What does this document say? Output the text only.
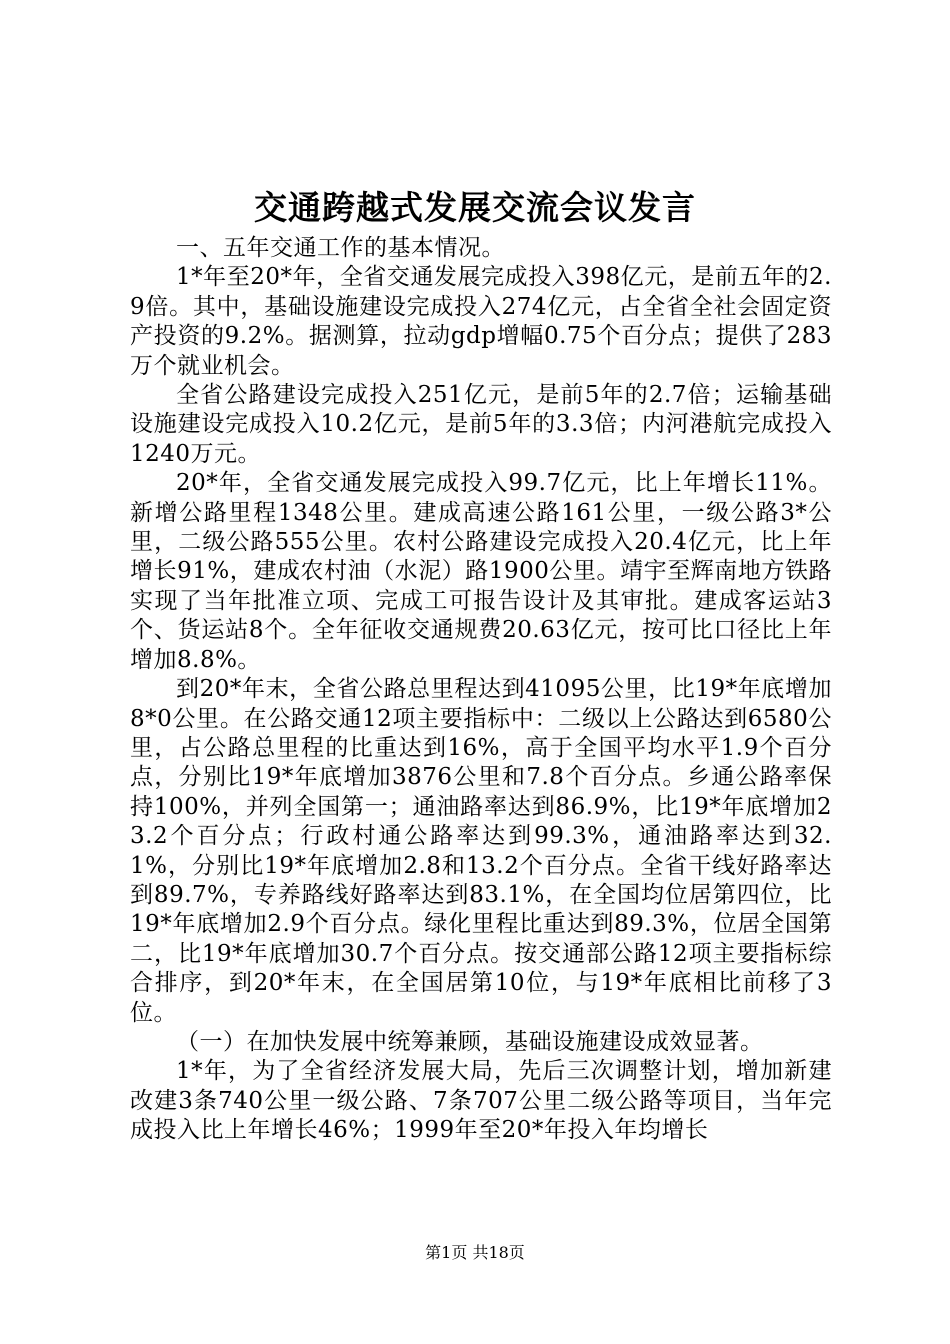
交通跨越式发展交流会议发言

一、五年交通工作的基本情况。

1*年至20*年，全省交通发展完成投入398亿元，是前五年的2.9倍。其中，基础设施建设完成投入274亿元，占全省全社会固定资产投资的9.2%。据测算，拉动gdp增幅0.75个百分点；提供了283万个就业机会。

全省公路建设完成投入251亿元，是前5年的2.7倍；运输基础设施建设完成投入10.2亿元，是前5年的3.3倍；内河港航完成投入1240万元。

20*年，全省交通发展完成投入99.7亿元，比上年增长11%。新增公路里程1348公里。建成高速公路161公里，一级公路3*公里，二级公路555公里。农村公路建设完成投入20.4亿元，比上年增长91%，建成农村油（水泥）路1900公里。靖宇至辉南地方铁路实现了当年批准立项、完成工可报告设计及其审批。建成客运站3个、货运站8个。全年征收交通规费20.63亿元，按可比口径比上年增加8.8%。

到20*年末，全省公路总里程达到41095公里，比19*年底增加8*0公里。在公路交通12项主要指标中：二级以上公路达到6580公里，占公路总里程的比重达到16%，高于全国平均水平1.9个百分点，分别比19*年底增加3876公里和7.8个百分点。乡通公路率保持100%，并列全国第一；通油路率达到86.9%，比19*年底增加23.2个百分点；行政村通公路率达到99.3%，通油路率达到32.1%，分别比19*年底增加2.8和13.2个百分点。全省干线好路率达到89.7%，专养路线好路率达到83.1%，在全国均位居第四位，比19*年底增加2.9个百分点。绿化里程比重达到89.3%，位居全国第二，比19*年底增加30.7个百分点。按交通部公路12项主要指标综合排序，到20*年末，在全国居第10位，与19*年底相比前移了3位。

（一）在加快发展中统筹兼顾，基础设施建设成效显著。

1*年，为了全省经济发展大局，先后三次调整计划，增加新建改建3条740公里一级公路、7条707公里二级公路等项目，当年完成投入比上年增长46%；1999年至20*年投入年均增长

第1页 共18页
